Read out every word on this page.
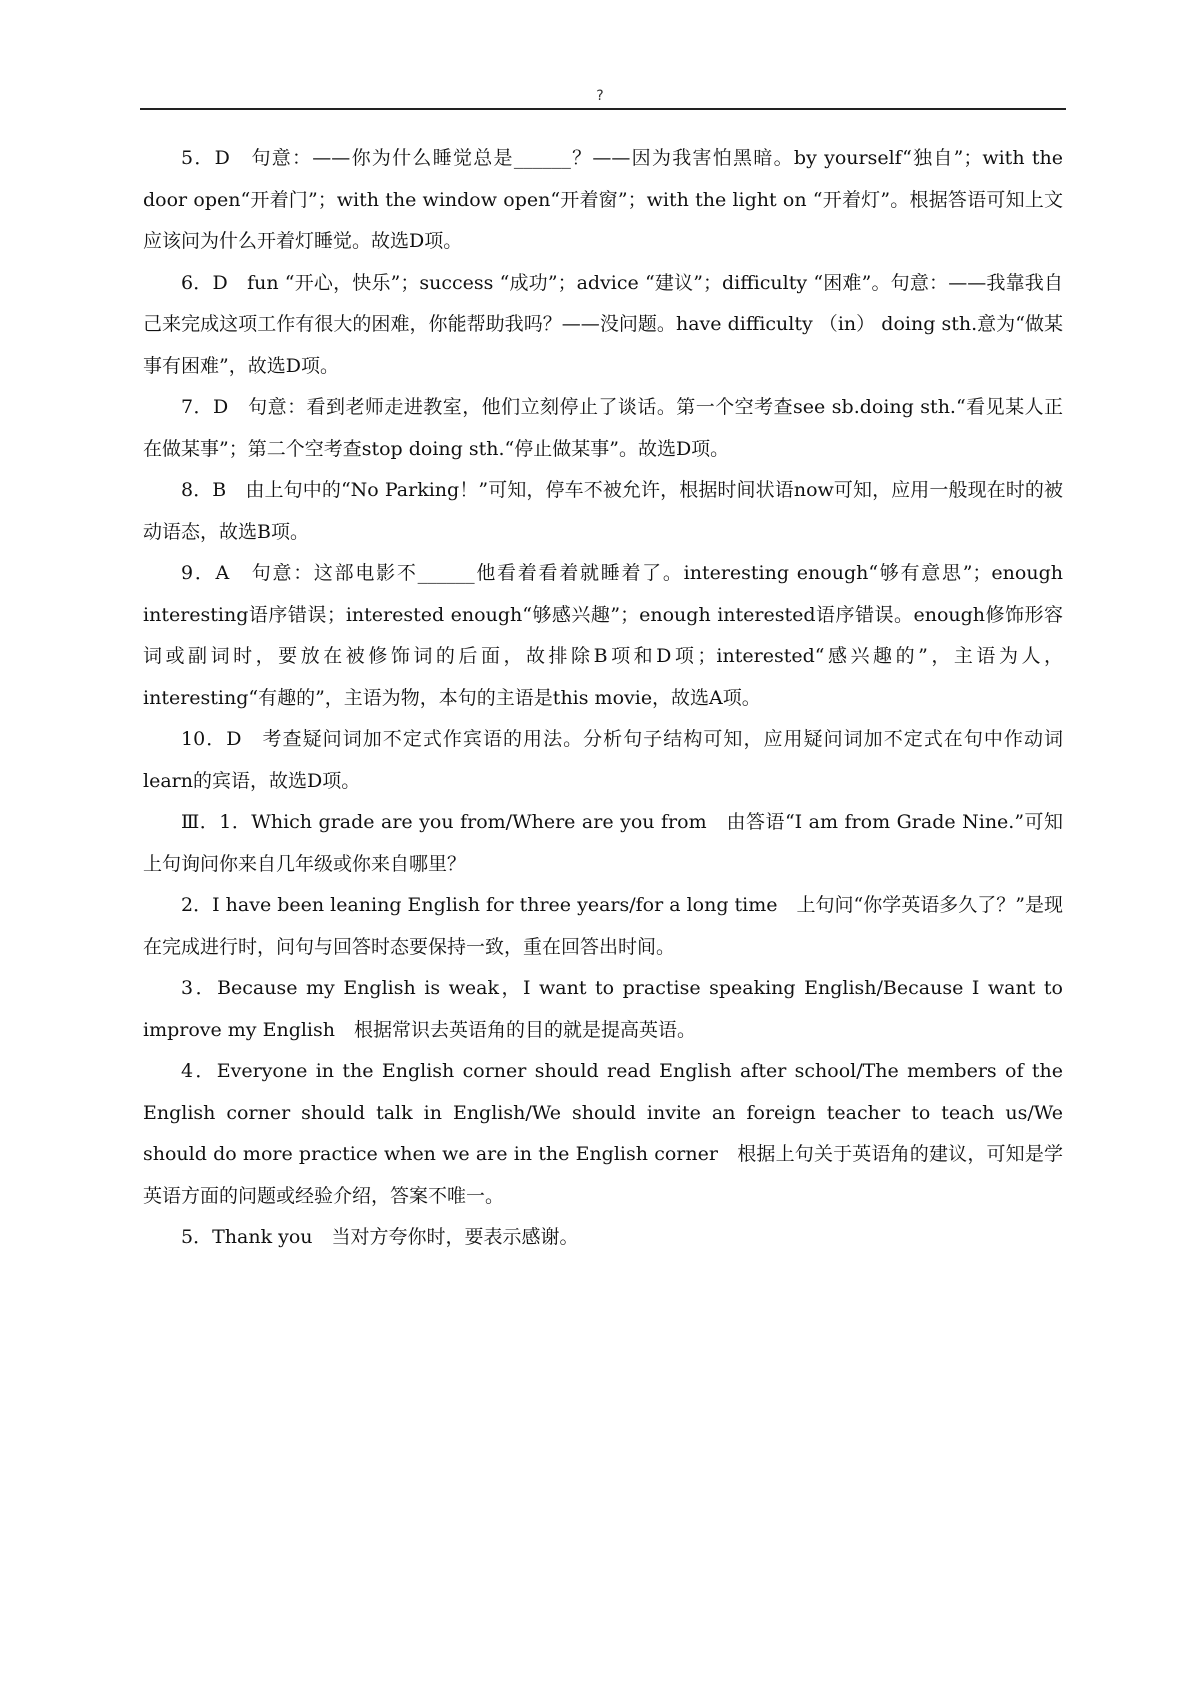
?

5．D　句意：——你为什么睡觉总是______？——因为我害怕黑暗。by yourself“独自”；with the door open“开着门”；with the window open“开着窗”；with the light on “开着灯”。根据答语可知上文应该问为什么开着灯睡觉。故选D项。

6．D　fun “开心，快乐”；success “成功”；advice “建议”；difficulty “困难”。句意：——我靠我自己来完成这项工作有很大的困难，你能帮助我吗？——没问题。have difficulty （in） doing sth.意为“做某事有困难”，故选D项。

7．D　句意：看到老师走进教室，他们立刻停止了谈话。第一个空考查see sb.doing sth.“看见某人正在做某事”；第二个空考查stop doing sth.“停止做某事”。故选D项。

8．B　由上句中的“No Parking！”可知，停车不被允许，根据时间状语now可知，应用一般现在时的被动语态，故选B项。

9．A　句意：这部电影不______他看着看着就睡着了。interesting enough“够有意思”；enough interesting语序错误；interested enough“够感兴趣”；enough interested语序错误。enough修饰形容词或副词时，要放在被修饰词的后面，故排除B项和D项；interested“感兴趣的”，主语为人，interesting“有趣的”，主语为物，本句的主语是this movie，故选A项。

10．D　考查疑问词加不定式作宾语的用法。分析句子结构可知，应用疑问词加不定式在句中作动词learn的宾语，故选D项。

Ⅲ．1．Which grade are you from/Where are you from　由答语“I am from Grade Nine.”可知上句询问你来自几年级或你来自哪里？

2．I have been leaning English for three years/for a long time　上句问“你学英语多久了？”是现在完成进行时，问句与回答时态要保持一致，重在回答出时间。

3．Because my English is weak，I want to practise speaking English/Because I want to improve my English　根据常识去英语角的目的就是提高英语。

4．Everyone in the English corner should read English after school/The members of the English corner should talk in English/We should invite an foreign teacher to teach us/We should do more practice when we are in the English corner　根据上句关于英语角的建议，可知是学英语方面的问题或经验介绍，答案不唯一。

5．Thank you　当对方夸你时，要表示感谢。
